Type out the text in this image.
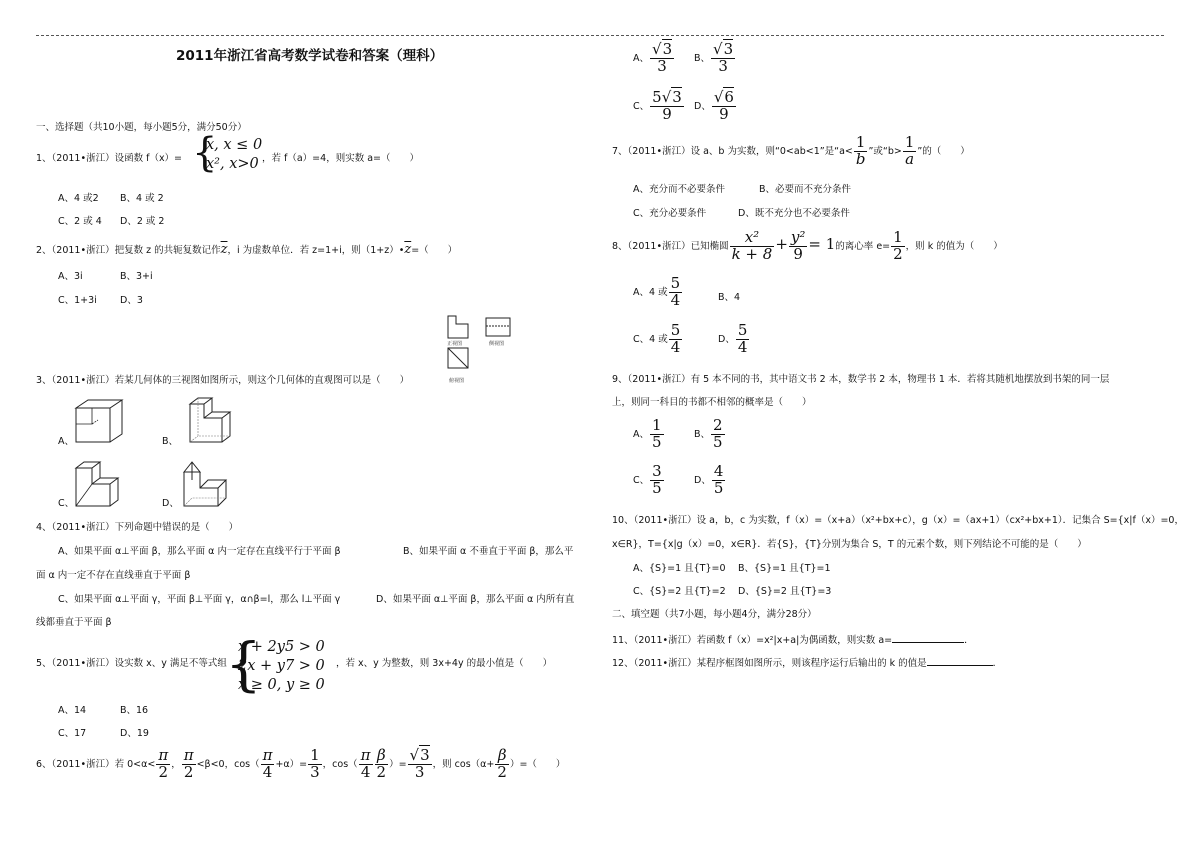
2011年浙江省高考数学试卷和答案（理科）
一、选择题（共10小题，每小题5分，满分50分）
1、（2011•浙江）设函数 f（x）= {
x, x ≤ 0
x², x>0 ，若 f（a）=4，则实数 a=（　　）
A、4 或2 B、4 或 2
C、2 或 4 D、2 或 2
2、（2011•浙江）把复数 z 的共轭复数记作$\overline{z}$，i 为虚数单位．若 z=1+i，则$(1+z)•\overline{z}=$（　　）
A、3i	B、3+i
C、1+3i D、3
正视图	侧视图
俯视图
3、（2011•浙江）若某几何体的三视图如图所示，则这个几何体的直观图可以是（　　）
A、	B、
C、	D、
4、（2011•浙江）下列命题中错误的是（　　）
A、如果平面 α⊥平面 β，那么平面 α 内一定存在直线平行于平面 β	B、如果平面 α 不垂直于平面 β，那么平
面 α 内一定不存在直线垂直于平面 β
C、如果平面 α⊥平面 γ，平面 β⊥平面 γ，α∩β=l，那么 l⊥平面 γ	D、如果平面 α⊥平面 β，那么平面 α 内所有直
线都垂直于平面 β
5、（2011•浙江）设实数 x、y 满足不等式组
{
x + 2y5 > 0
2x + y7 > 0
x ≥ 0, y ≥ 0
，若 x、y 为整数，则 3x+4y 的最小值是（　　）
A、14	B、16
C、17	D、19
6、（2011•浙江）若 $0<\alpha< \frac{\pi}{2}$ ， $\frac{\pi}{2} <\beta<0$，$\cos( \frac{\pi}{4} +\alpha)= \frac{1}{3}$ ，$\cos( \frac{\pi}{4} \frac{\beta}{2}$ ）= $\frac{√3}{3}$ ，则 $\cos(\alpha+ \frac{\beta}{2}$ ）=（　　）
A、 $\frac{√3}{3}$ B、 $\frac{√3}{3}$
C、 $\frac{5√3}{9}$ D、 $\frac{√6}{9}$
7、（2011•浙江）设 a、b 为实数，则“0<ab<1”是“$a< \frac{1}{b}$ ”或“$b> \frac{1}{a}$ ”的（　　）
A、充分而不必要条件	B、必要而不充分条件
C、充分必要条件	D、既不充分也不必要条件
8、（2011•浙江）已知椭圆 $\frac{\text{x²}}{k + 8} + \frac{\text{y²}}{9} = 1$的离心率 $e= \frac{1}{2}$ ，则 k 的值为（　　）
A、4 或 $\frac{5}{4}$	B、4
C、4 或 $\frac{5}{4}$	D、 $\frac{5}{4}$
9、（2011•浙江）有 5 本不同的书，其中语文书 2 本，数学书 2 本，物理书 1 本．若将其随机地摆放到书架的同一层
上，则同一科目的书都不相邻的概率是（　　）
A、 $\frac{1}{5}$	B、 $\frac{2}{5}$
C、 $\frac{3}{5}$	D、 $\frac{4}{5}$
10、（2011•浙江）设 a，b，c 为实数，f（x）=（x+a）（x²+bx+c），g（x）=（ax+1）（cx²+bx+1）．记集合 S={x|f（x）=0，
x∈R}，T={x|g（x）=0，x∈R}．若{S}，{T}分别为集合 S，T 的元素个数，则下列结论不可能的是（　　）
A、{S}=1 且{T}=0 B、{S}=1 且{T}=1
C、{S}=2 且{T}=2 D、{S}=2 且{T}=3
二、填空题（共7小题，每小题4分，满分28分）
11、（2011•浙江）若函数 f（x）=x²|x+a|为偶函数，则实数 a=	．
12、（2011•浙江）某程序框图如图所示，则该程序运行后输出的 k 的值是	．
